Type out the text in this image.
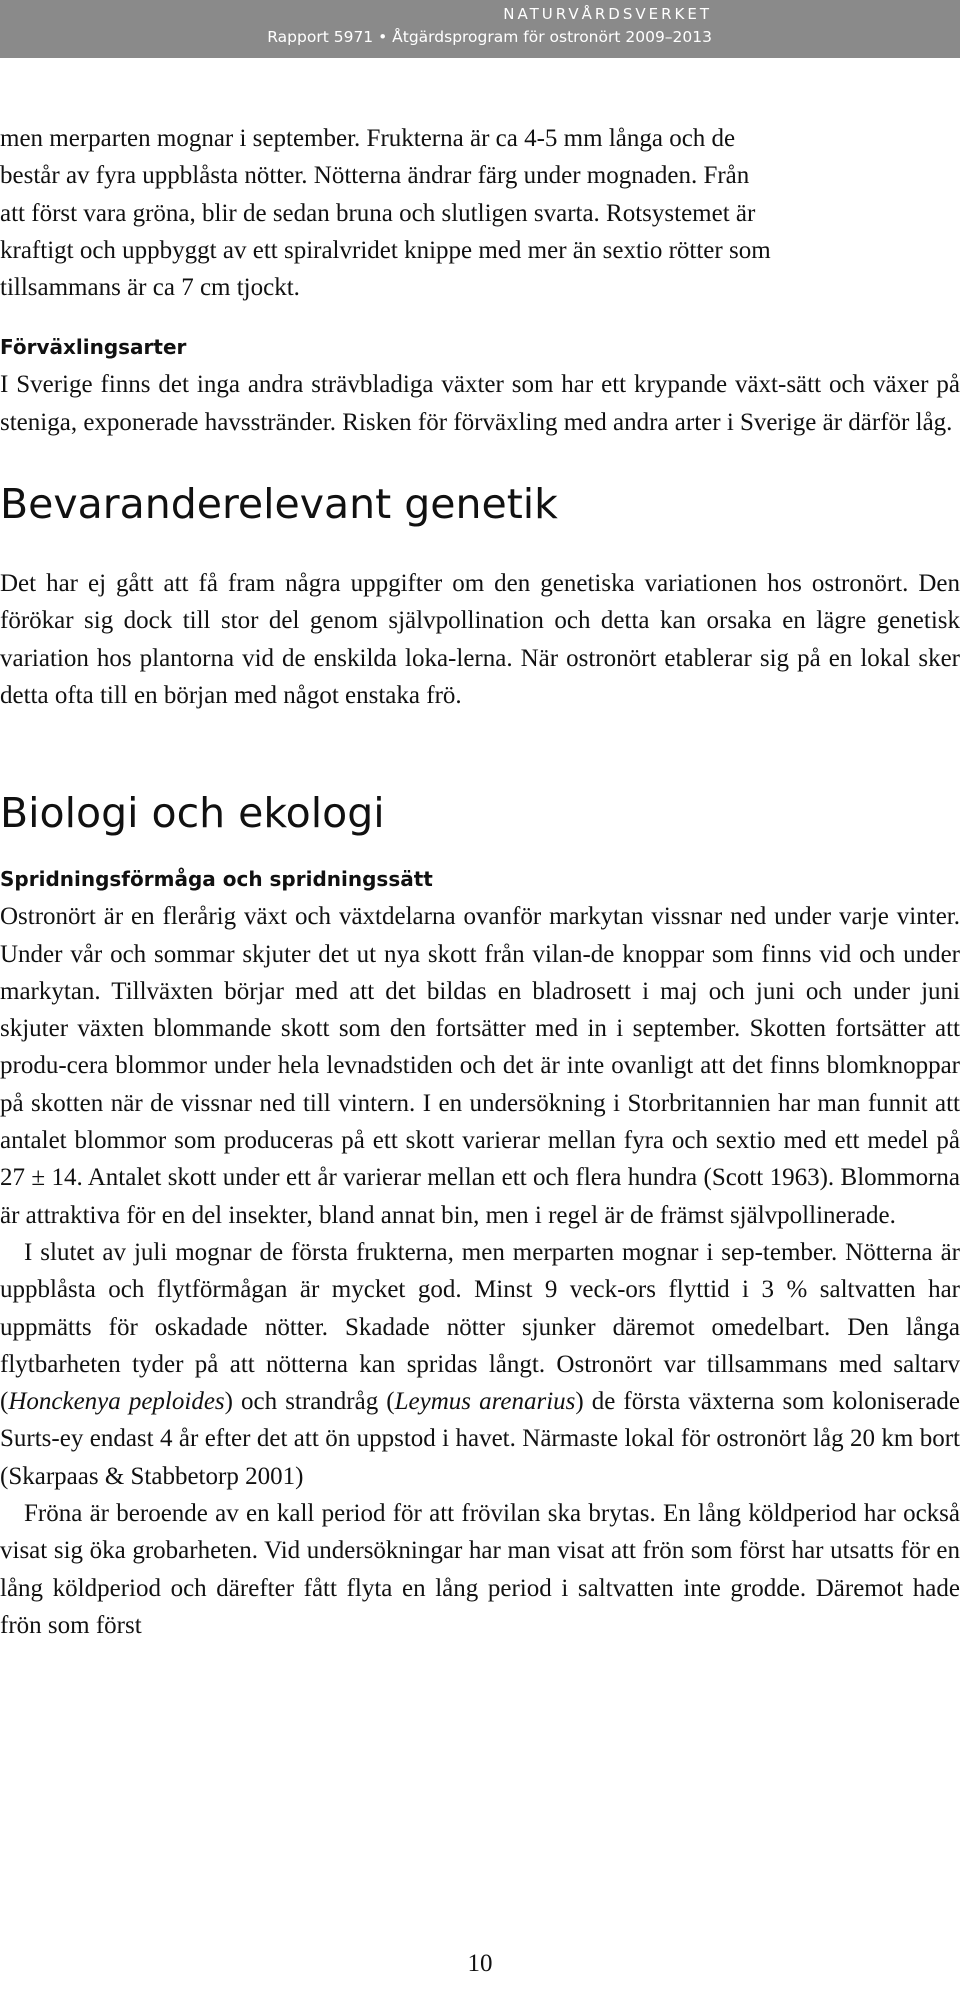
NATURVÅRDSVERKET
Rapport 5971 • Åtgärdsprogram för ostronört 2009–2013

men merparten mognar i september. Frukterna är ca 4-5 mm långa och de
består av fyra uppblåsta nötter. Nötterna ändrar färg under mognaden. Från
att först vara gröna, blir de sedan bruna och slutligen svarta. Rotsystemet är
kraftigt och uppbyggt av ett spiralvridet knippe med mer än sextio rötter som
tillsammans är ca 7 cm tjockt.

Förväxlingsarter

I Sverige finns det inga andra strävbladiga växter som har ett krypande växt-sätt och växer på steniga, exponerade havsstränder. Risken för förväxling med andra arter i Sverige är därför låg.

Bevaranderelevant genetik

Det har ej gått att få fram några uppgifter om den genetiska variationen hos ostronört. Den förökar sig dock till stor del genom självpollination och detta kan orsaka en lägre genetisk variation hos plantorna vid de enskilda loka-lerna. När ostronört etablerar sig på en lokal sker detta ofta till en början med något enstaka frö.

Biologi och ekologi
Spridningsförmåga och spridningssätt

Ostronört är en flerårig växt och växtdelarna ovanför markytan vissnar ned under varje vinter. Under vår och sommar skjuter det ut nya skott från vilan-de knoppar som finns vid och under markytan. Tillväxten börjar med att det bildas en bladrosett i maj och juni och under juni skjuter växten blommande skott som den fortsätter med in i september. Skotten fortsätter att produ-cera blommor under hela levnadstiden och det är inte ovanligt att det finns blomknoppar på skotten när de vissnar ned till vintern. I en undersökning i Storbritannien har man funnit att antalet blommor som produceras på ett skott varierar mellan fyra och sextio med ett medel på 27 ± 14. Antalet skott under ett år varierar mellan ett och flera hundra (Scott 1963). Blommorna är attraktiva för en del insekter, bland annat bin, men i regel är de främst självpollinerade.

I slutet av juli mognar de första frukterna, men merparten mognar i sep-tember. Nötterna är uppblåsta och flytförmågan är mycket god. Minst 9 veck-ors flyttid i 3 % saltvatten har uppmätts för oskadade nötter. Skadade nötter sjunker däremot omedelbart. Den långa flytbarheten tyder på att nötterna kan spridas långt. Ostronört var tillsammans med saltarv (Honckenya peploides) och strandråg (Leymus arenarius) de första växterna som koloniserade Surts-ey endast 4 år efter det att ön uppstod i havet. Närmaste lokal för ostronört låg 20 km bort (Skarpaas & Stabbetorp 2001)

Fröna är beroende av en kall period för att frövilan ska brytas. En lång köldperiod har också visat sig öka grobarheten. Vid undersökningar har man visat att frön som först har utsatts för en lång köldperiod och därefter fått flyta en lång period i saltvatten inte grodde. Däremot hade frön som först

10
